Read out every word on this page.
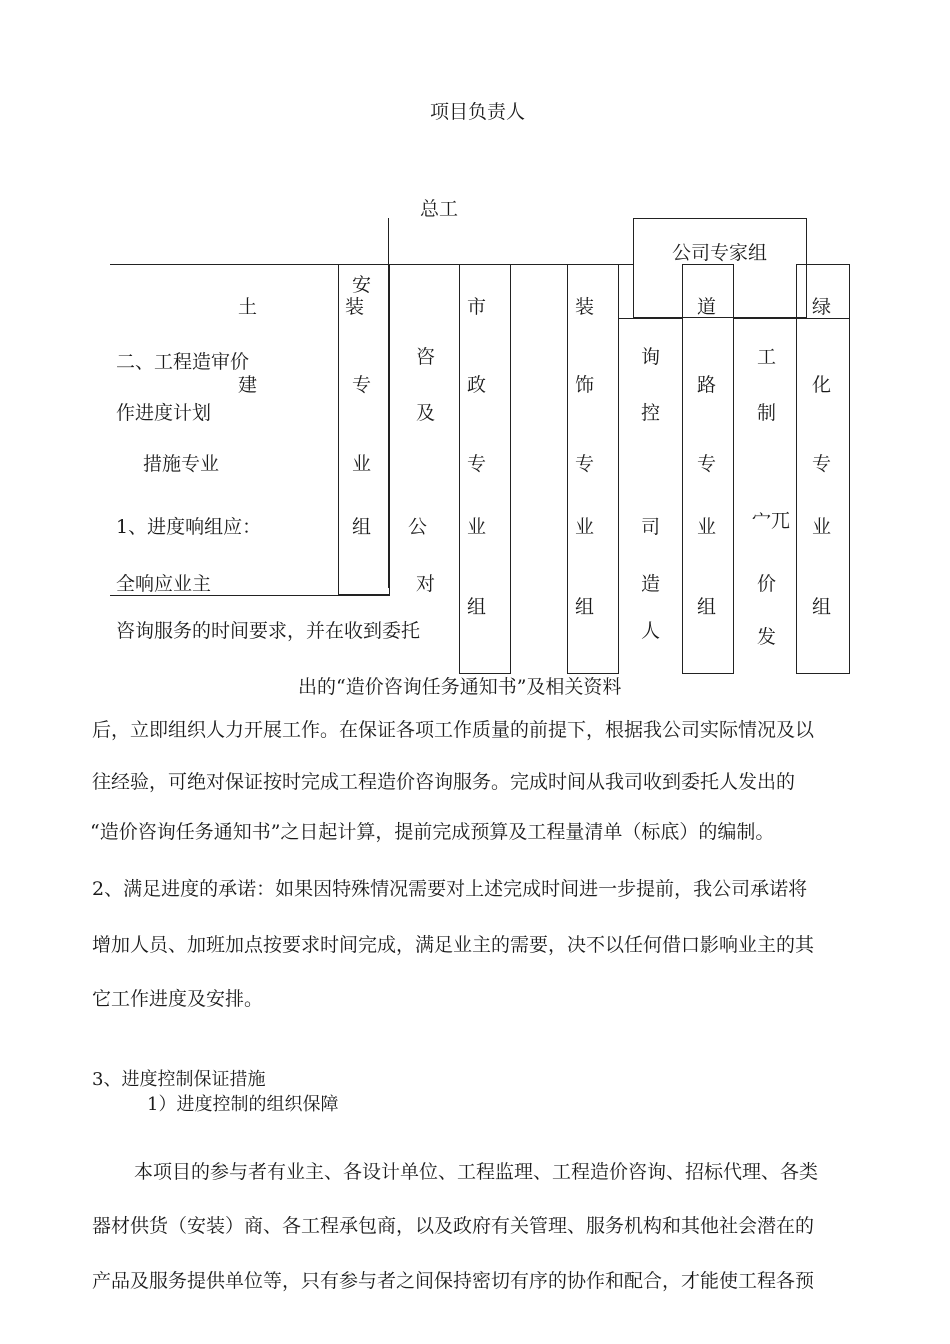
项目负责人
总工
公司专家组
土
二、工程造审价
建
作进度计划
措施专业
1、进度响组应：
全响应业主
咨询服务的时间要求，并在收到委托
出的“造价咨询任务通知书”及相关资料
安
装
专
业
组
咨
及
公
对
市
政
专
业
组
装
饰
专
业
组
询
控
司
造
人
道
路
专
业
组
工
制
宀兀
价
发
绿
化
专
业
组
后，立即组织人力开展工作。在保证各项工作质量的前提下，根据我公司实际情况及以
往经验，可绝对保证按时完成工程造价咨询服务。完成时间从我司收到委托人发出的
“造价咨询任务通知书”之日起计算，提前完成预算及工程量清单（标底）的编制。
2、满足进度的承诺：如果因特殊情况需要对上述完成时间进一步提前，我公司承诺将
增加人员、加班加点按要求时间完成，满足业主的需要，决不以任何借口影响业主的其
它工作进度及安排。
3、进度控制保证措施
1）进度控制的组织保障
本项目的参与者有业主、各设计单位、工程监理、工程造价咨询、招标代理、各类
器材供货（安装）商、各工程承包商，以及政府有关管理、服务机构和其他社会潜在的
产品及服务提供单位等，只有参与者之间保持密切有序的协作和配合，才能使工程各预
